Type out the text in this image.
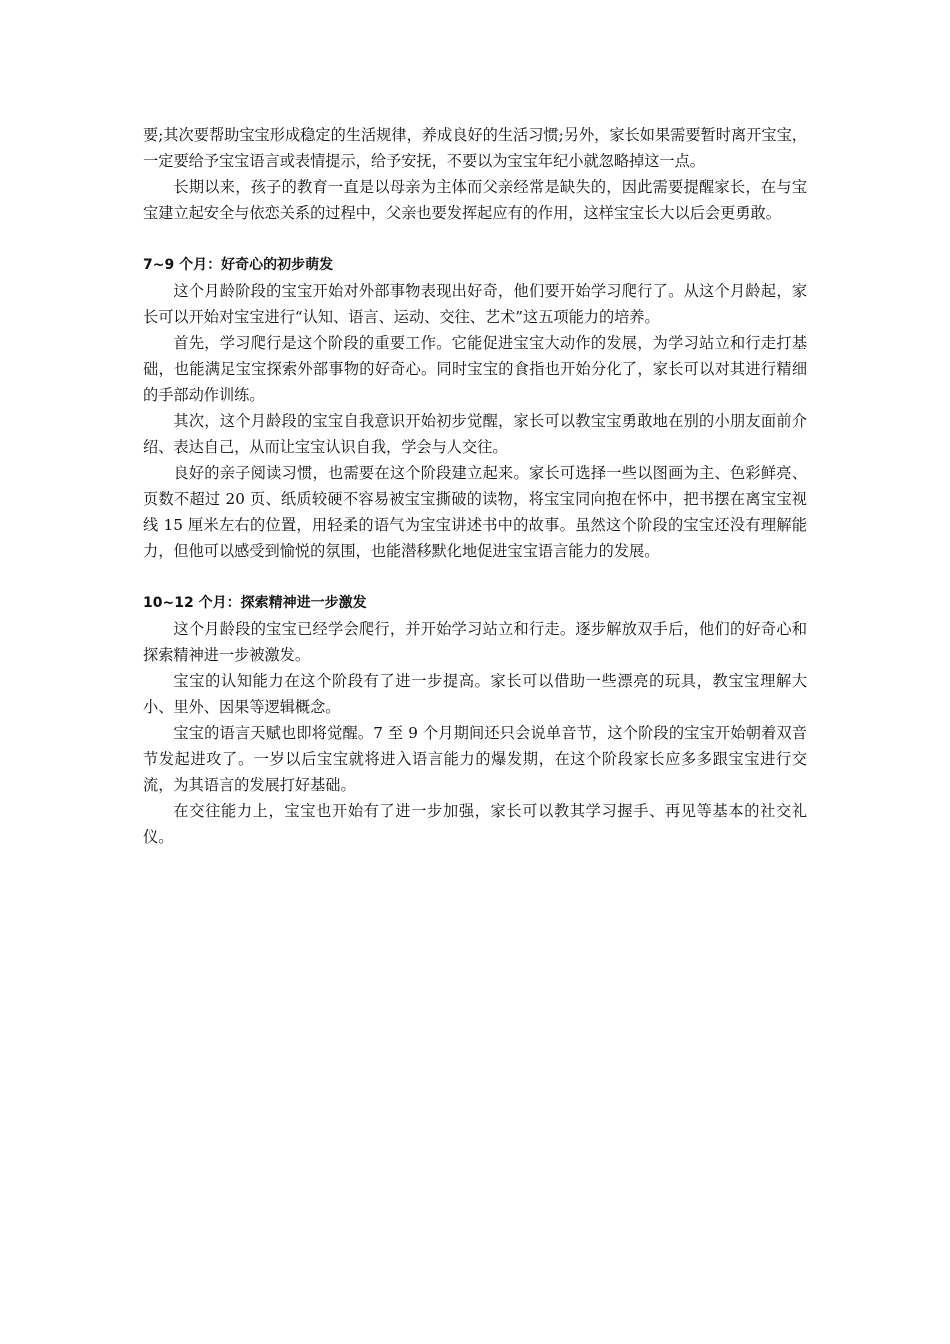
要;其次要帮助宝宝形成稳定的生活规律，养成良好的生活习惯;另外，家长如果需要暂时离开宝宝，一定要给予宝宝语言或表情提示，给予安抚，不要以为宝宝年纪小就忽略掉这一点。

长期以来，孩子的教育一直是以母亲为主体而父亲经常是缺失的，因此需要提醒家长，在与宝宝建立起安全与依恋关系的过程中，父亲也要发挥起应有的作用，这样宝宝长大以后会更勇敢。

7~9 个月：好奇心的初步萌发

这个月龄阶段的宝宝开始对外部事物表现出好奇，他们要开始学习爬行了。从这个月龄起，家长可以开始对宝宝进行“认知、语言、运动、交往、艺术”这五项能力的培养。

首先，学习爬行是这个阶段的重要工作。它能促进宝宝大动作的发展，为学习站立和行走打基础，也能满足宝宝探索外部事物的好奇心。同时宝宝的食指也开始分化了，家长可以对其进行精细的手部动作训练。

其次，这个月龄段的宝宝自我意识开始初步觉醒，家长可以教宝宝勇敢地在别的小朋友面前介绍、表达自己，从而让宝宝认识自我，学会与人交往。

良好的亲子阅读习惯，也需要在这个阶段建立起来。家长可选择一些以图画为主、色彩鲜亮、页数不超过 20 页、纸质较硬不容易被宝宝撕破的读物，将宝宝同向抱在怀中，把书摆在离宝宝视线 15 厘米左右的位置，用轻柔的语气为宝宝讲述书中的故事。虽然这个阶段的宝宝还没有理解能力，但他可以感受到愉悦的氛围，也能潜移默化地促进宝宝语言能力的发展。

10~12 个月：探索精神进一步激发

这个月龄段的宝宝已经学会爬行，并开始学习站立和行走。逐步解放双手后，他们的好奇心和探索精神进一步被激发。

宝宝的认知能力在这个阶段有了进一步提高。家长可以借助一些漂亮的玩具，教宝宝理解大小、里外、因果等逻辑概念。

宝宝的语言天赋也即将觉醒。7 至 9 个月期间还只会说单音节，这个阶段的宝宝开始朝着双音节发起进攻了。一岁以后宝宝就将进入语言能力的爆发期，在这个阶段家长应多多跟宝宝进行交流，为其语言的发展打好基础。

在交往能力上，宝宝也开始有了进一步加强，家长可以教其学习握手、再见等基本的社交礼仪。
